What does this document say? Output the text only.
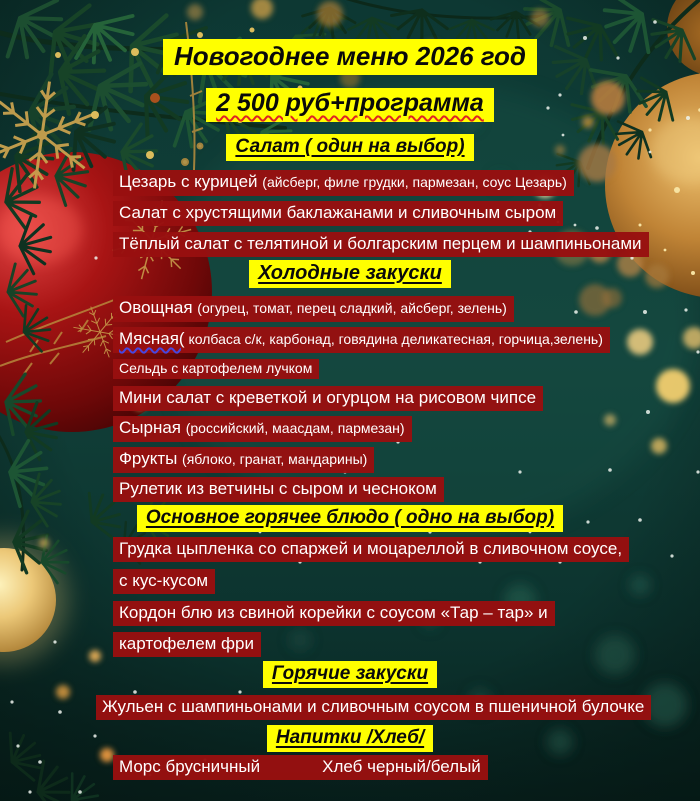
Новогоднее меню 2026 год
2 500 руб+программа
Салат ( один на выбор)
Цезарь с курицей (айсберг, филе грудки, пармезан, соус Цезарь)
Салат с хрустящими баклажанами и сливочным сыром
Тёплый салат с телятиной и болгарским перцем и шампиньонами
Холодные закуски
Овощная (огурец, томат, перец сладкий, айсберг, зелень)
Мясная( колбаса с/к, карбонад, говядина деликатесная, горчица,зелень)
Сельдь с картофелем лучком
Мини салат с креветкой и огурцом на рисовом чипсе
Сырная (российский, маасдам, пармезан)
Фрукты (яблоко, гранат, мандарины)
Рулетик из ветчины с сыром и чесноком
Основное горячее блюдо ( одно на выбор)
Грудка цыпленка со спаржей и моцареллой в сливочном соусе,
с кус-кусом
Кордон блю из свиной корейки с соусом «Тар – тар» и
картофелем фри
Горячие закуски
Жульен с шампиньонами и сливочным соусом в пшеничной булочке
Напитки /Хлеб/
Морс брусничный	Хлеб черный/белый
